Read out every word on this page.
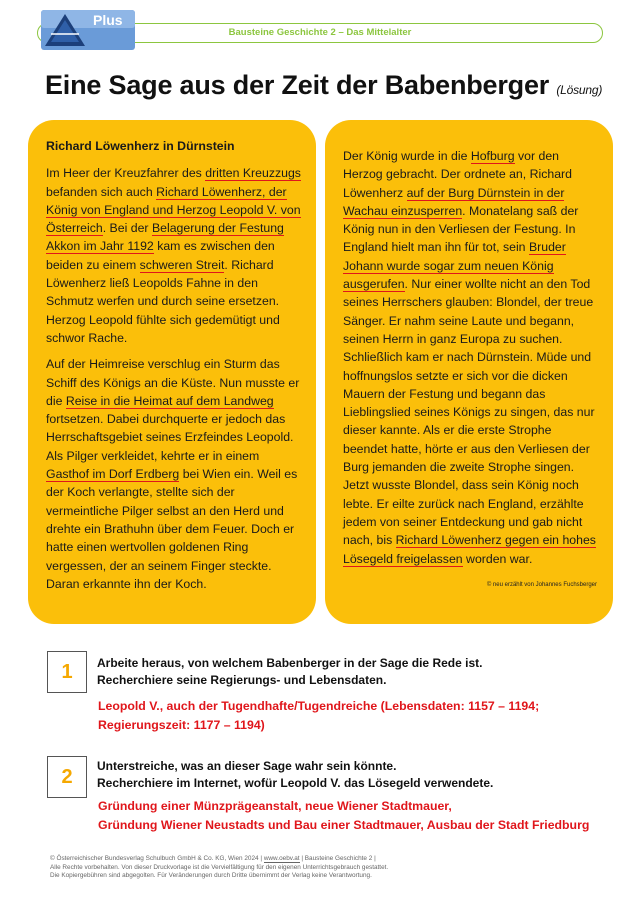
Bausteine Geschichte 2 – Das Mittelalter
Plus
Eine Sage aus der Zeit der Babenberger (Lösung)
Richard Löwenherz in Dürnstein

Im Heer der Kreuzfahrer des dritten Kreuzzugs befanden sich auch Richard Löwenherz, der König von England und Herzog Leopold V. von Österreich. Bei der Belagerung der Festung Akkon im Jahr 1192 kam es zwischen den beiden zu einem schweren Streit. Richard Löwenherz ließ Leopolds Fahne in den Schmutz werfen und durch seine ersetzen. Herzog Leopold fühlte sich gedemütigt und schwor Rache.

Auf der Heimreise verschlug ein Sturm das Schiff des Königs an die Küste. Nun musste er die Reise in die Heimat auf dem Landweg fortsetzen. Dabei durchquerte er jedoch das Herrschaftsgebiet seines Erzfeindes Leopold. Als Pilger verkleidet, kehrte er in einem Gasthof im Dorf Erdberg bei Wien ein. Weil es der Koch verlangte, stellte sich der vermeintliche Pilger selbst an den Herd und drehte ein Brathuhn über dem Feuer. Doch er hatte einen wertvollen goldenen Ring vergessen, der an seinem Finger steckte. Daran erkannte ihn der Koch.

Der König wurde in die Hofburg vor den Herzog gebracht. Der ordnete an, Richard Löwenherz auf der Burg Dürnstein in der Wachau einzusperren. Monatelang saß der König nun in den Verliesen der Festung. In England hielt man ihn für tot, sein Bruder Johann wurde sogar zum neuen König ausgerufen. Nur einer wollte nicht an den Tod seines Herrschers glauben: Blondel, der treue Sänger. Er nahm seine Laute und begann, seinen Herrn in ganz Europa zu suchen. Schließlich kam er nach Dürnstein. Müde und hoffnungslos setzte er sich vor die dicken Mauern der Festung und begann das Lieblingslied seines Königs zu singen, das nur dieser kannte. Als er die erste Strophe beendet hatte, hörte er aus den Verliesen der Burg jemanden die zweite Strophe singen. Jetzt wusste Blondel, dass sein König noch lebte. Er eilte zurück nach England, erzählte jedem von seiner Entdeckung und gab nicht nach, bis Richard Löwenherz gegen ein hohes Lösegeld freigelassen worden war.

© neu erzählt von Johannes Fuchsberger
1	Arbeite heraus, von welchem Babenberger in der Sage die Rede ist.
Recherchiere seine Regierungs- und Lebensdaten.
Leopold V., auch der Tugendhafte/Tugendreiche (Lebensdaten: 1157 – 1194;
Regierungszeit: 1177 – 1194)
2	Unterstreiche, was an dieser Sage wahr sein könnte.
Recherchiere im Internet, wofür Leopold V. das Lösegeld verwendete.
Gründung einer Münzprägeanstalt, neue Wiener Stadtmauer,
Gründung Wiener Neustadts und Bau einer Stadtmauer, Ausbau der Stadt Friedburg
© Österreichischer Bundesverlag Schulbuch GmbH & Co. KG, Wien 2024 | www.oebv.at | Bausteine Geschichte 2 |
Alle Rechte vorbehalten. Von dieser Druckvorlage ist die Vervielfältigung für den eigenen Unterrichtsgebrauch gestattet.
Die Kopiergebühren sind abgegolten. Für Veränderungen durch Dritte übernimmt der Verlag keine Verantwortung.
